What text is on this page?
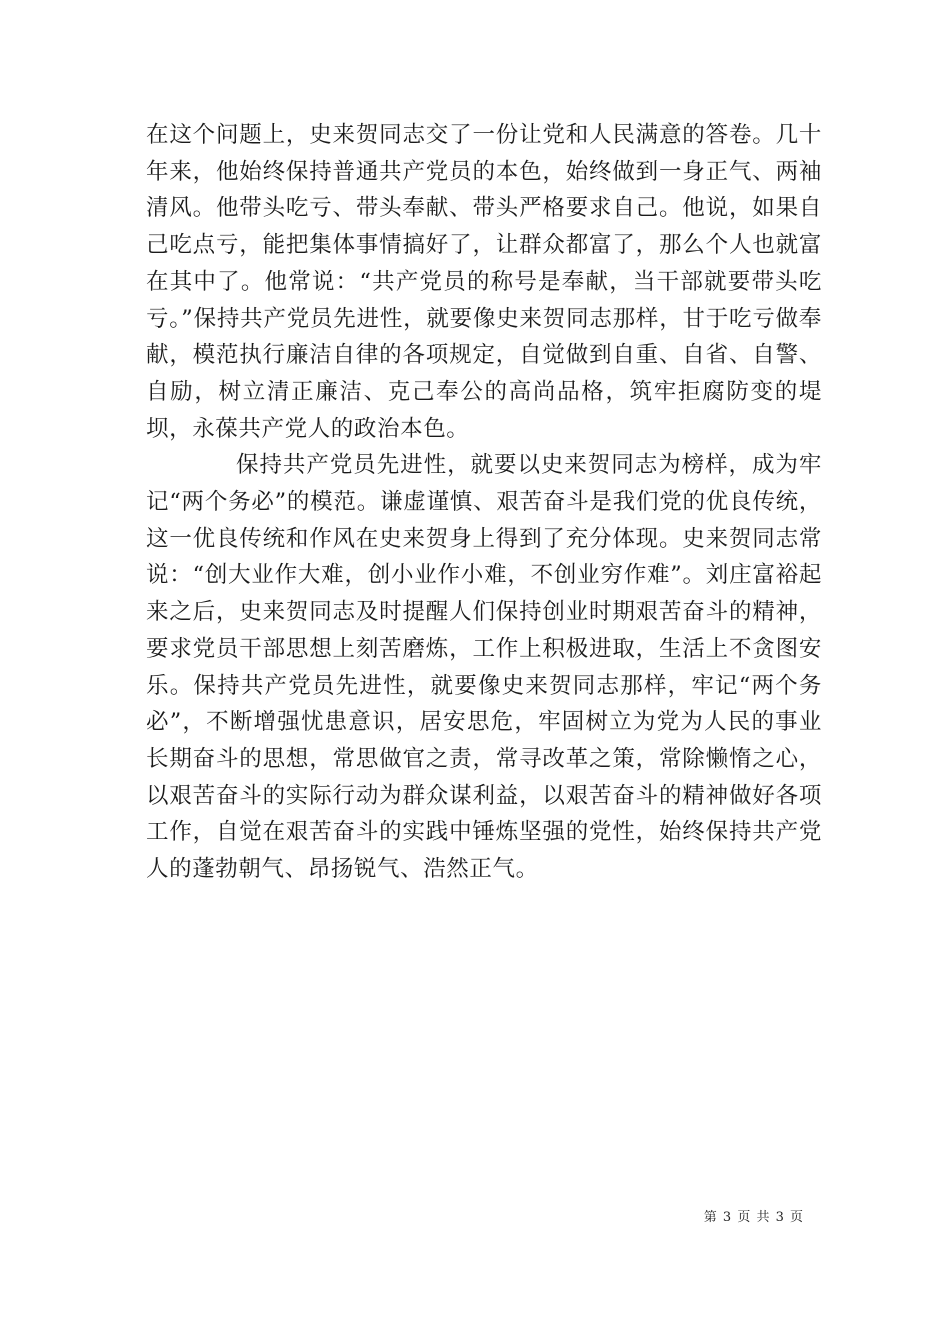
在这个问题上，史来贺同志交了一份让党和人民满意的答卷。几十年来，他始终保持普通共产党员的本色，始终做到一身正气、两袖清风。他带头吃亏、带头奉献、带头严格要求自己。他说，如果自己吃点亏，能把集体事情搞好了，让群众都富了，那么个人也就富在其中了。他常说：“共产党员的称号是奉献，当干部就要带头吃亏。”保持共产党员先进性，就要像史来贺同志那样，甘于吃亏做奉献，模范执行廉洁自律的各项规定，自觉做到自重、自省、自警、自励，树立清正廉洁、克己奉公的高尚品格，筑牢拒腐防变的堤坝，永葆共产党人的政治本色。

保持共产党员先进性，就要以史来贺同志为榜样，成为牢记“两个务必”的模范。谦虚谨慎、艰苦奋斗是我们党的优良传统，这一优良传统和作风在史来贺身上得到了充分体现。史来贺同志常说：“创大业作大难，创小业作小难，不创业穷作难”。刘庄富裕起来之后，史来贺同志及时提醒人们保持创业时期艰苦奋斗的精神，要求党员干部思想上刻苦磨炼，工作上积极进取，生活上不贪图安乐。保持共产党员先进性，就要像史来贺同志那样，牢记“两个务必”，不断增强忧患意识，居安思危，牢固树立为党为人民的事业长期奋斗的思想，常思做官之责，常寻改革之策，常除懒惰之心，以艰苦奋斗的实际行动为群众谋利益，以艰苦奋斗的精神做好各项工作，自觉在艰苦奋斗的实践中锤炼坚强的党性，始终保持共产党人的蓬勃朝气、昂扬锐气、浩然正气。

第 3 页 共 3 页
